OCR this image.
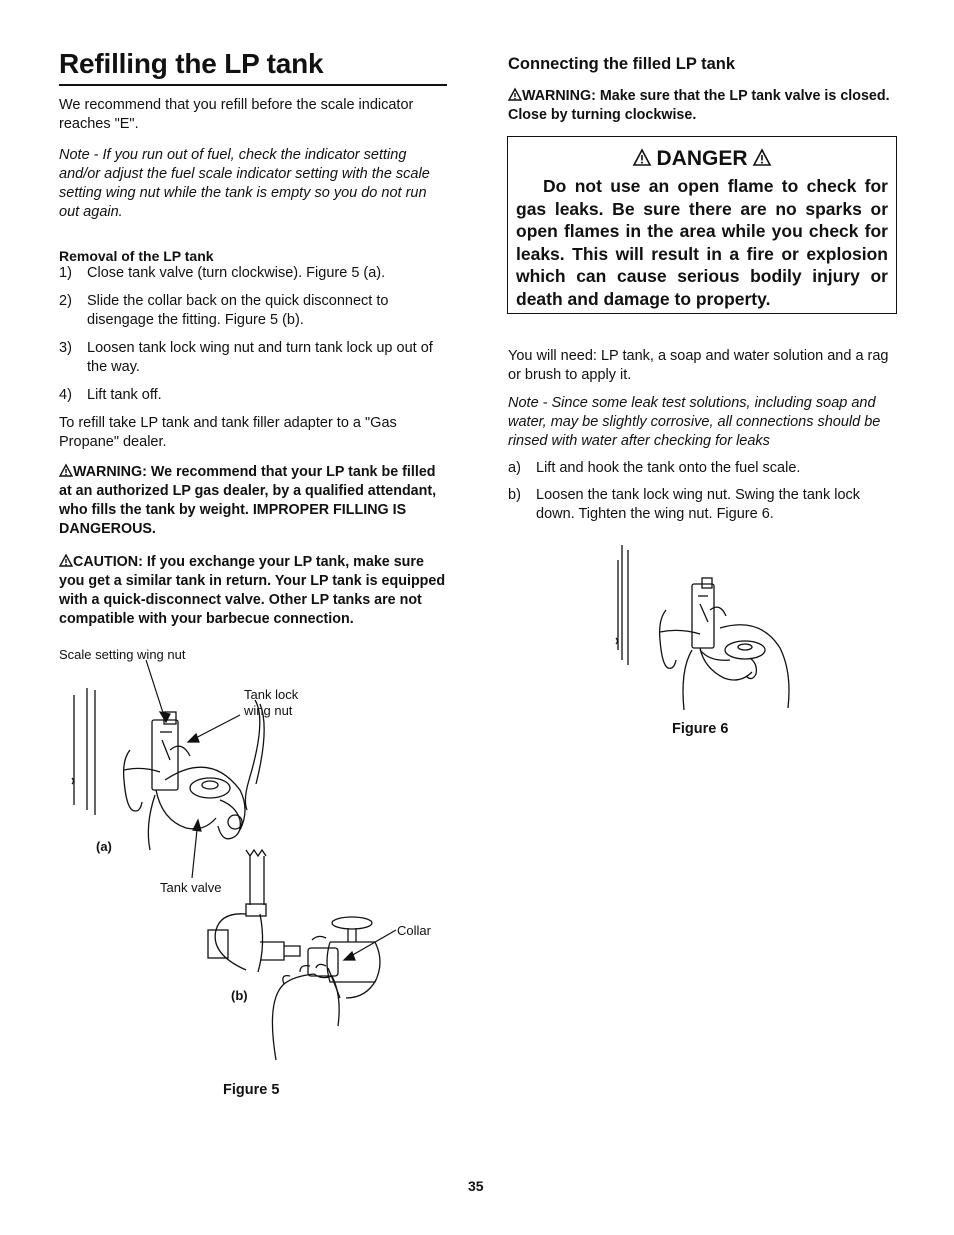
Refilling the LP tank

We recommend that you refill before the scale indicator reaches "E".

Note - If you run out of fuel, check the indicator setting and/or adjust the fuel scale indicator setting with the scale setting wing nut while the tank is empty so you do not run out again.

Removal of the LP tank

1)	Close tank valve (turn clockwise). Figure 5 (a).
2)	Slide the collar back on the quick disconnect to disengage the fitting. Figure 5 (b).
3)	Loosen tank lock wing nut and turn tank lock up out of the way.
4)	Lift tank off.

To refill take LP tank and tank filler adapter to a "Gas Propane" dealer.

WARNING: We recommend that your LP tank be filled at an authorized LP gas dealer, by a qualified attendant, who fills the tank by weight. IMPROPER FILLING IS DANGEROUS.
CAUTION: If you exchange your LP tank, make sure you get a similar tank in return. Your LP tank is equipped with a quick-disconnect valve. Other LP tanks are not compatible with your barbecue connection.
Scale setting wing nut
Tank lock wing nut
(a)
Tank valve
Collar
(b)
Figure 5
Connecting the filled LP tank
WARNING: Make sure that the LP tank valve is closed. Close by turning clockwise.
DANGER
Do not use an open flame to check for gas leaks. Be sure there are no sparks or open flames in the area while you check for leaks. This will result in a fire or explosion which can cause serious bodily injury or death and damage to property.

You will need: LP tank, a soap and water solution and a rag or brush to apply it.

Note - Since some leak test solutions, including soap and water, may be slightly corrosive, all connections should be rinsed with water after checking for leaks

a)	Lift and hook the tank onto the fuel scale.
b)	Loosen the tank lock wing nut. Swing the tank lock down. Tighten the wing nut. Figure 6.
Figure 6
35
